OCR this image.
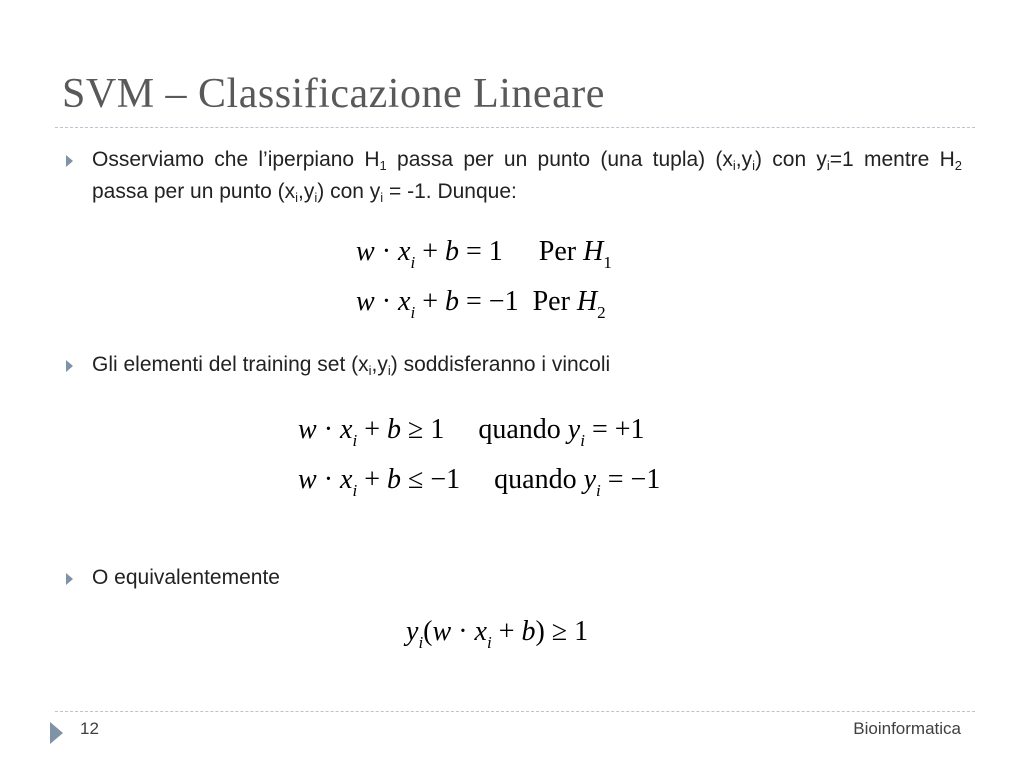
SVM – Classificazione Lineare
Osserviamo che l’iperpiano $H_1$ passa per un punto (una tupla) $(x_i,y_i)$ con $y_i=1$ mentre $H_2$ passa per un punto $(x_i,y_i)$ con $y_i = -1$. Dunque:
$w \cdot x_i + b = 1$ Per $H_1$
$w \cdot x_i + b = -1$ Per $H_2$
Gli elementi del training set $(x_i,y_i)$ soddisferanno i vincoli
$w \cdot x_i + b \ge 1$ quando $y_i = +1$
$w \cdot x_i + b \le -1$ quando $y_i = -1$
O equivalentemente
$y_i(w \cdot x_i + b) \ge 1$
12	Bioinformatica
